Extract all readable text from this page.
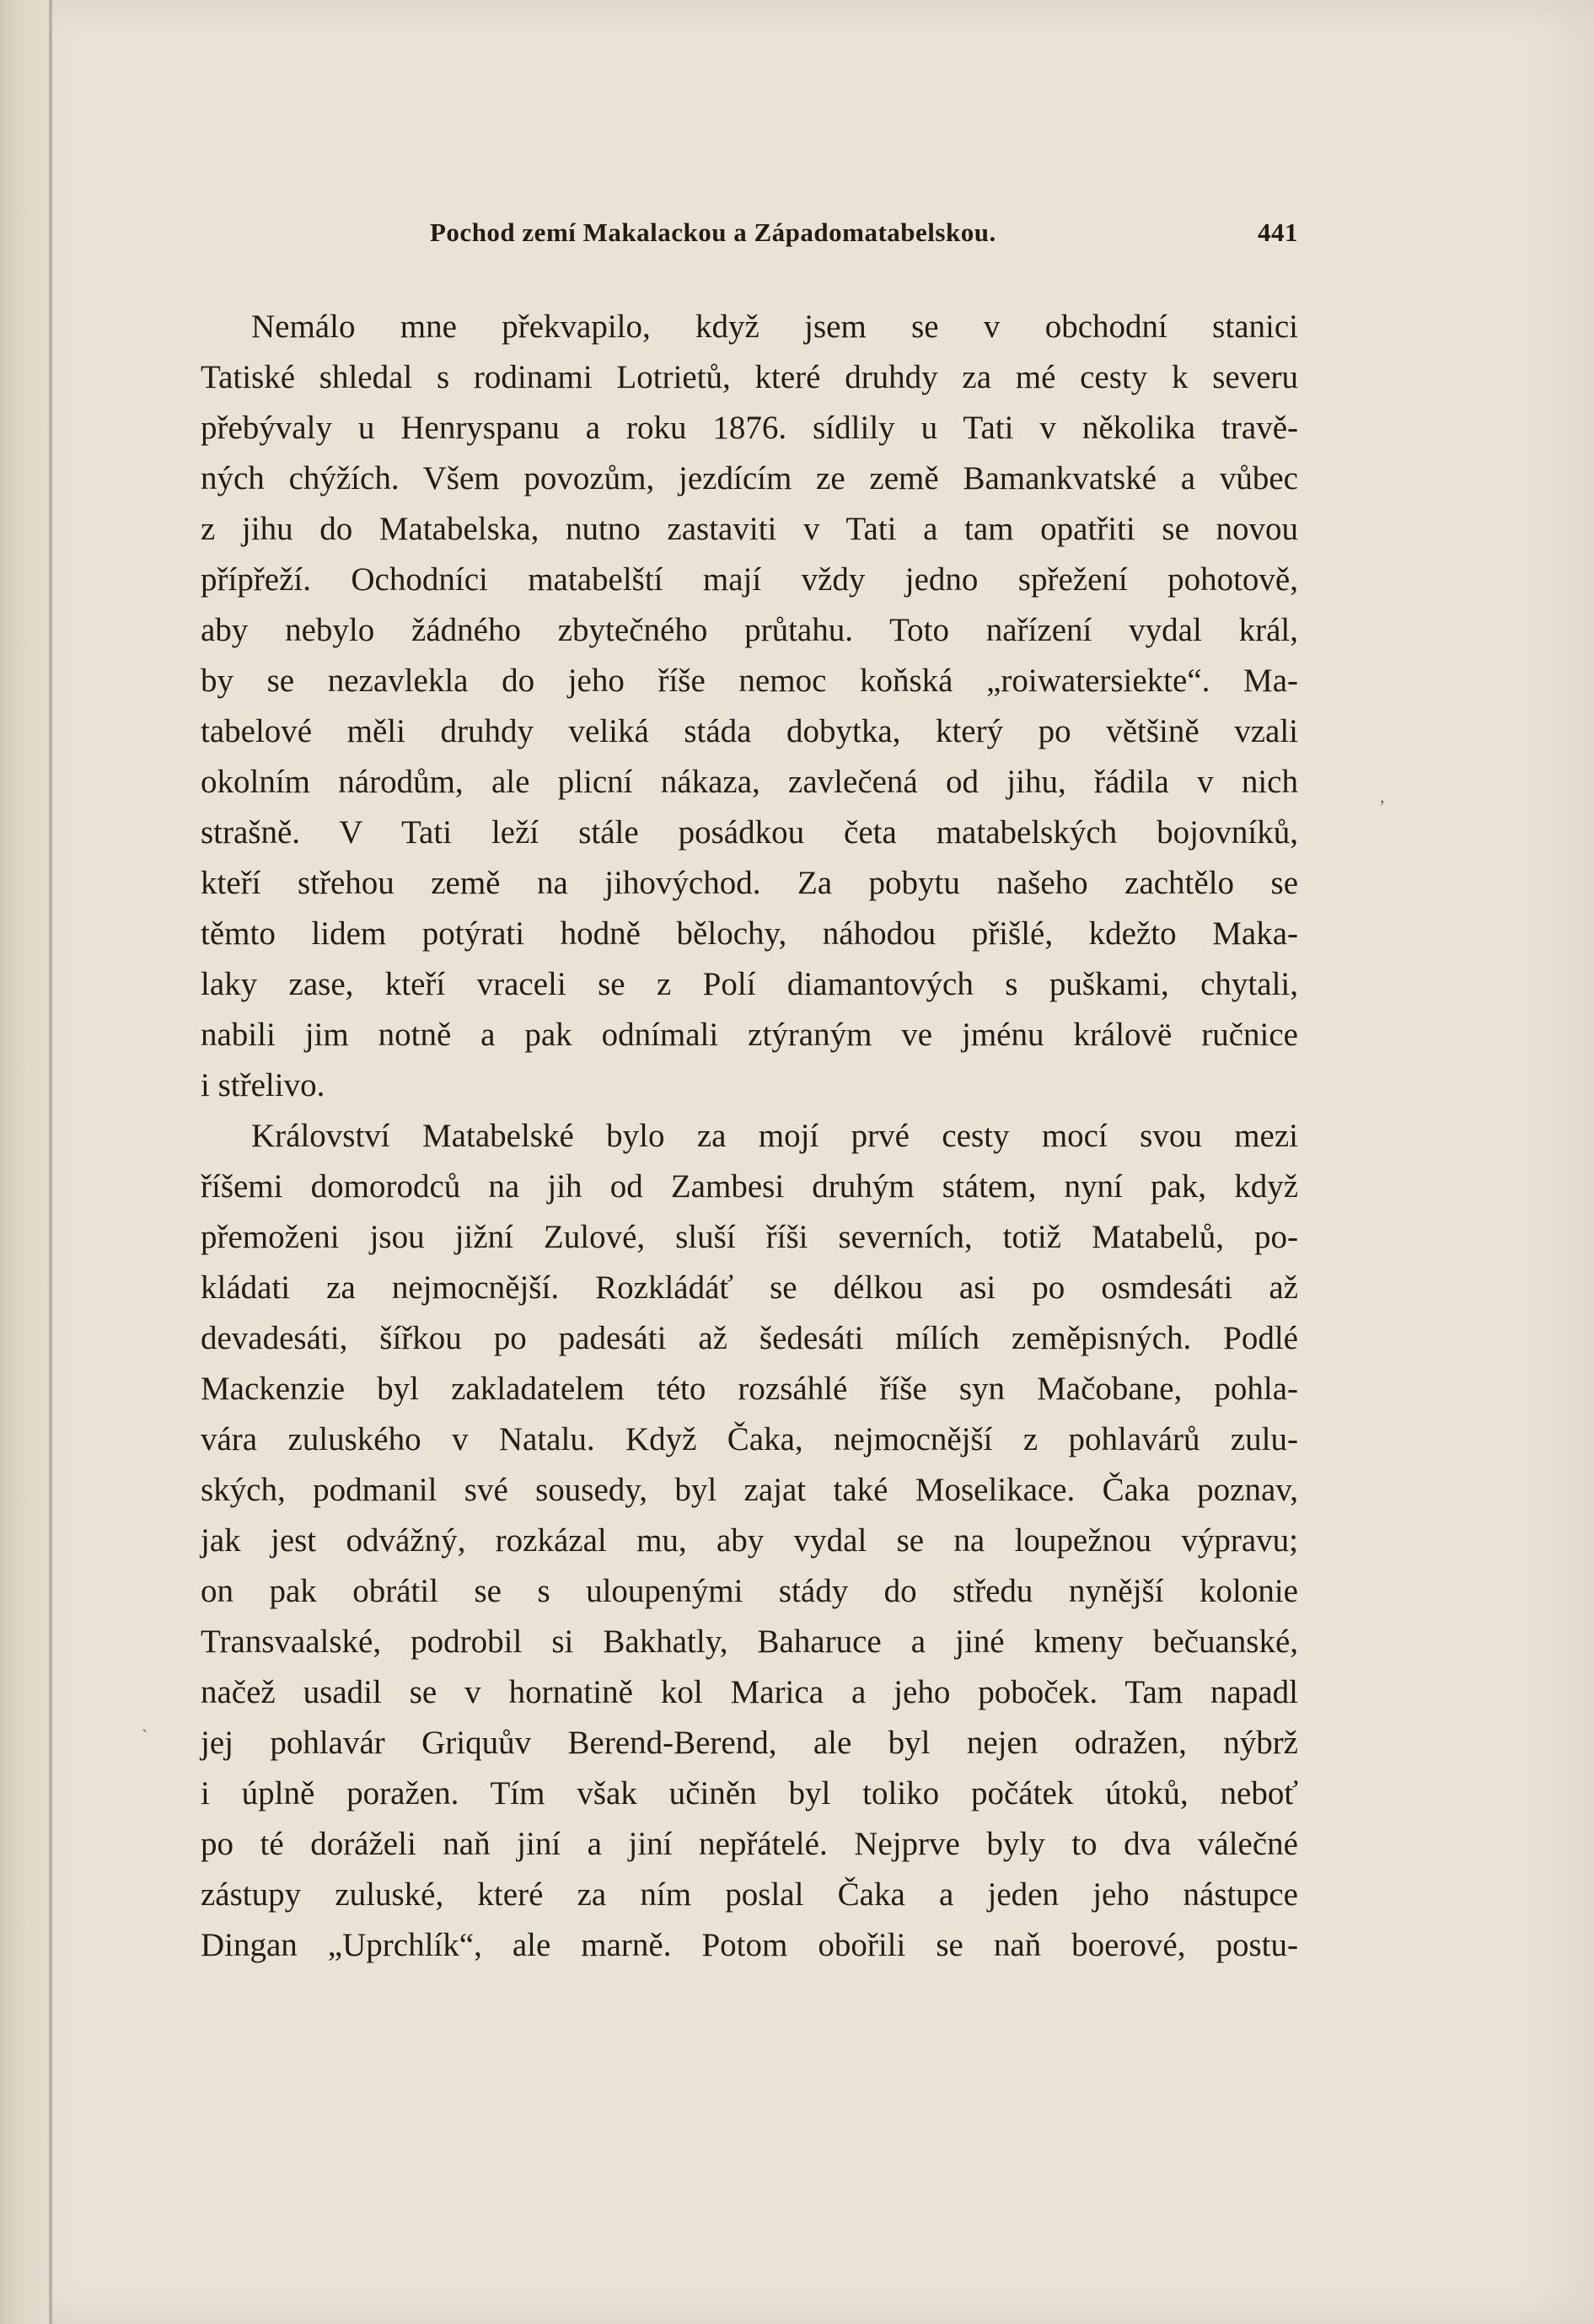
Pochod zemí Makalackou a Západomatabelskou.	441
Nemálo mne překvapilo, když jsem se v obchodní stanici
Tatiské shledal s rodinami Lotrietů, které druhdy za mé cesty k severu
přebývaly u Henryspanu a roku 1876. sídlily u Tati v několika travě-
ných chýžích. Všem povozům, jezdícím ze země Bamankvatské a vůbec
z jihu do Matabelska, nutno zastaviti v Tati a tam opatřiti se novou
přípřeží. Ochodníci matabelští mají vždy jedno spřežení pohotově,
aby nebylo žádného zbytečného průtahu. Toto nařízení vydal král,
by se nezavlekla do jeho říše nemoc koňská „roiwatersiekte“. Ma-
tabelové měli druhdy veliká stáda dobytka, který po většině vzali
okolním národům, ale plicní nákaza, zavlečená od jihu, řádila v nich
strašně. V Tati leží stále posádkou četa matabelských bojovníků,
kteří střehou země na jihovýchod. Za pobytu našeho zachtělo se
těmto lidem potýrati hodně bělochy, náhodou přišlé, kdežto Maka-
laky zase, kteří vraceli se z Polí diamantových s puškami, chytali,
nabili jim notně a pak odnímali ztýraným ve jménu královë ručnice
i střelivo.
Království Matabelské bylo za mojí prvé cesty mocí svou mezi
říšemi domorodců na jih od Zambesi druhým státem, nyní pak, když
přemoženi jsou jižní Zulové, sluší říši severních, totiž Matabelů, po-
kládati za nejmocnější. Rozkládáť se délkou asi po osmdesáti až
devadesáti, šířkou po padesáti až šedesáti mílích zeměpisných. Podlé
Mackenzie byl zakladatelem této rozsáhlé říše syn Mačobane, pohla-
vára zuluského v Natalu. Když Čaka, nejmocnější z pohlavárů zulu-
ských, podmanil své sousedy, byl zajat také Moselikace. Čaka poznav,
jak jest odvážný, rozkázal mu, aby vydal se na loupežnou výpravu;
on pak obrátil se s uloupenými stády do středu nynější kolonie
Transvaalské, podrobil si Bakhatly, Baharuce a jiné kmeny bečuanské,
načež usadil se v hornatině kol Marica a jeho poboček. Tam napadl
jej pohlavár Griquův Berend-Berend, ale byl nejen odražen, nýbrž
i úplně poražen. Tím však učiněn byl toliko počátek útoků, neboť
po té doráželi naň jiní a jiní nepřátelé. Nejprve byly to dva válečné
zástupy zuluské, které za ním poslal Čaka a jeden jeho nástupce
Dingan „Uprchlík“, ale marně. Potom obořili se naň boerové, postu-
‚
ˏ
